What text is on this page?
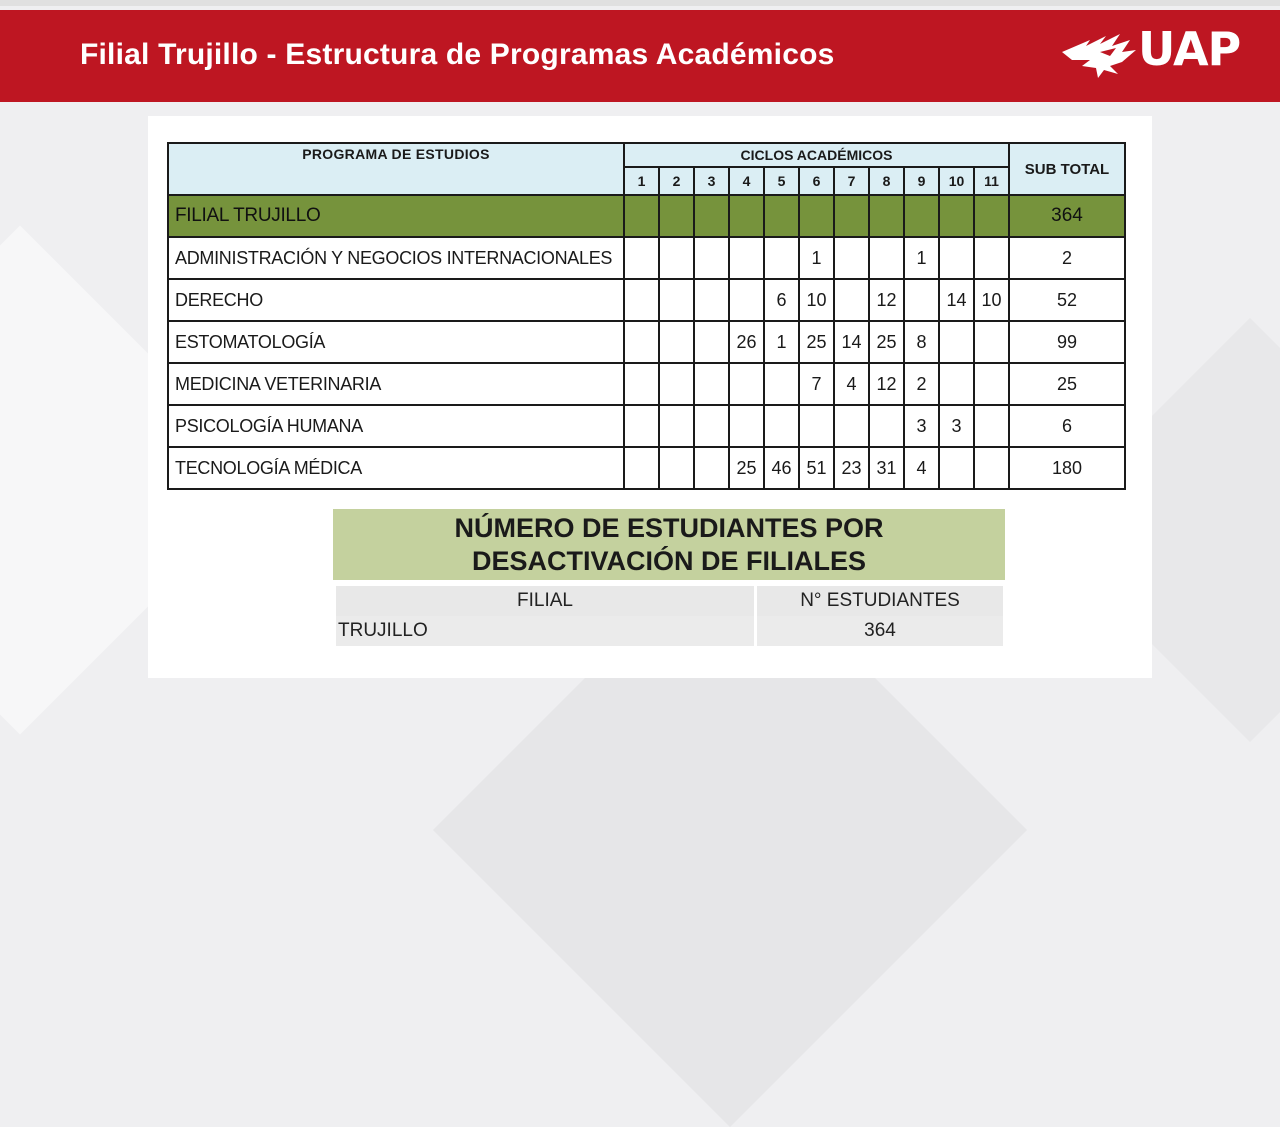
Filial Trujillo - Estructura de Programas Académicos	UAP
PROGRAMA DE ESTUDIOS	CICLOS ACADÉMICOS											SUB TOTAL
	1	2	3	4	5	6	7	8	9	10	11	
FILIAL TRUJILLO												364
ADMINISTRACIÓN Y NEGOCIOS INTERNACIONALES						1			1			2
DERECHO					6	10		12		14	10	52
ESTOMATOLOGÍA				26	1	25	14	25	8			99
MEDICINA VETERINARIA						7	4	12	2			25
PSICOLOGÍA HUMANA									3	3		6
TECNOLOGÍA MÉDICA				25	46	51	23	31	4			180
NÚMERO DE ESTUDIANTES POR
DESACTIVACIÓN DE FILIALES
FILIAL	N° ESTUDIANTES
TRUJILLO	364
